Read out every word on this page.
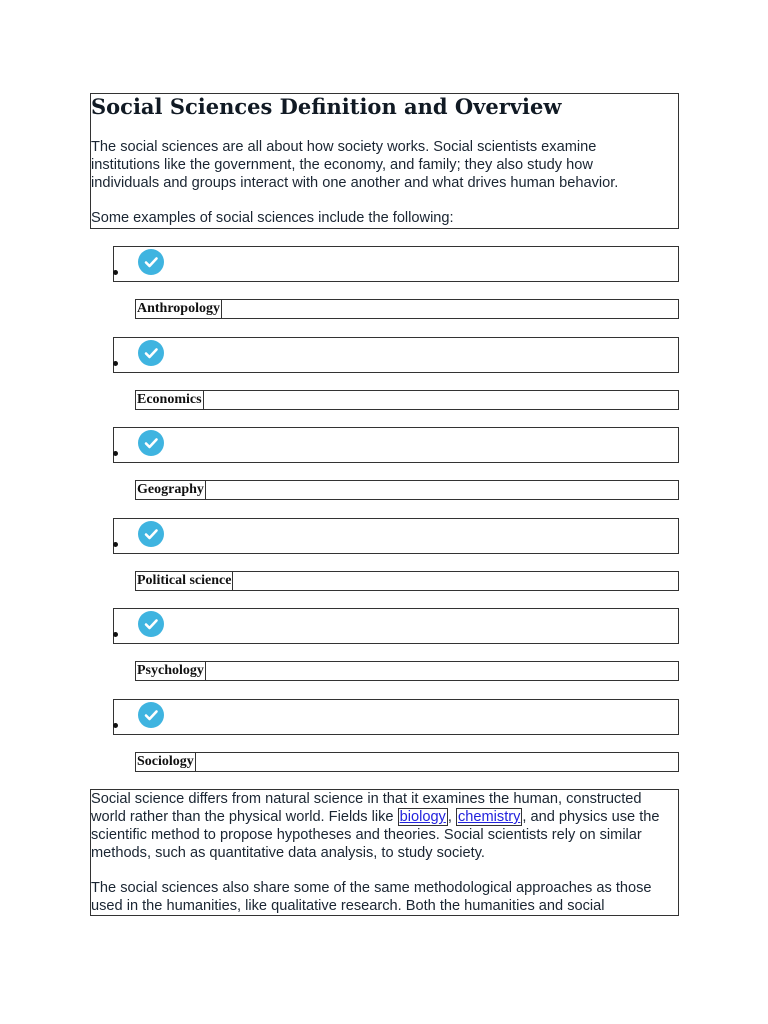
Social Sciences Definition and Overview
The social sciences are all about how society works. Social scientists examine
institutions like the government, the economy, and family; they also study how
individuals and groups interact with one another and what drives human behavior.
Some examples of social sciences include the following:
Anthropology
Economics
Geography
Political science
Psychology
Sociology
Social science differs from natural science in that it examines the human, constructed
world rather than the physical world. Fields like biology , chemistry , and physics use the
scientific method to propose hypotheses and theories. Social scientists rely on similar
methods, such as quantitative data analysis, to study society.
The social sciences also share some of the same methodological approaches as those
used in the humanities, like qualitative research. Both the humanities and social
